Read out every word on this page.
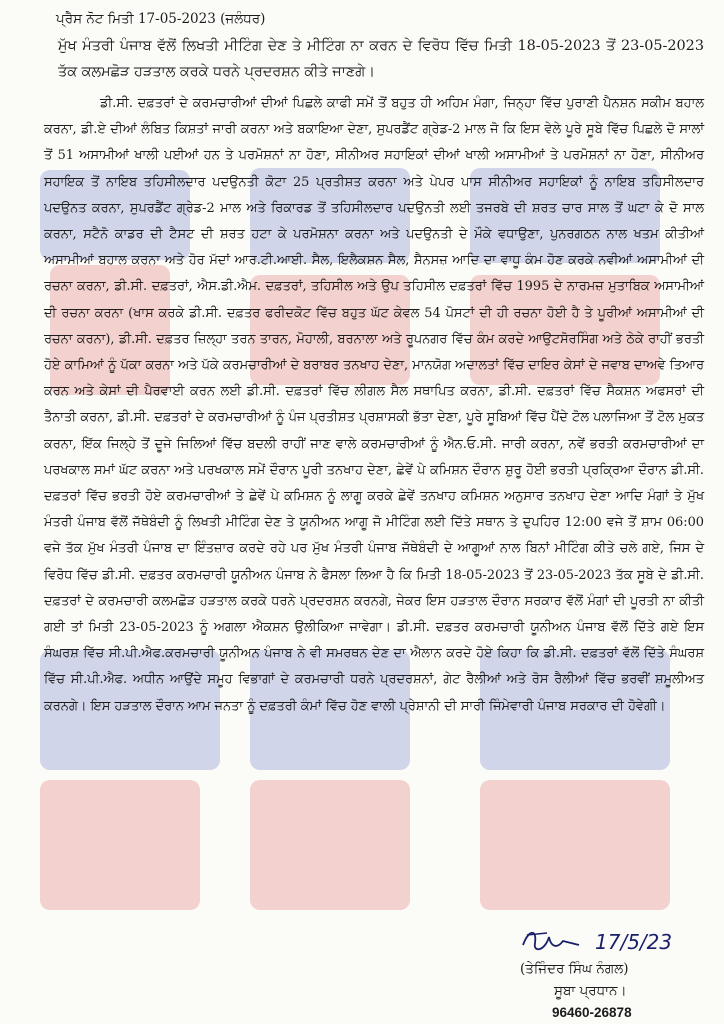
ਪ੍ਰੈਸ ਨੋਟ ਮਿਤੀ 17-05-2023 (ਜਲੰਧਰ)

ਮੁੱਖ ਮੰਤਰੀ ਪੰਜਾਬ ਵੱਲੋਂ ਲਿਖਤੀ ਮੀਟਿੰਗ ਦੇਣ ਤੇ ਮੀਟਿੰਗ ਨਾ ਕਰਨ ਦੇ ਵਿਰੋਧ ਵਿੱਚ ਮਿਤੀ 18-05-2023 ਤੋਂ 23-05-2023 ਤੱਕ ਕਲਮਛੋੜ ਹੜਤਾਲ ਕਰਕੇ ਧਰਨੇ ਪ੍ਰਦਰਸ਼ਨ ਕੀਤੇ ਜਾਣਗੇ।

ਡੀ.ਸੀ. ਦਫ਼ਤਰਾਂ ਦੇ ਕਰਮਚਾਰੀਆਂ ਦੀਆਂ ਪਿਛਲੇ ਕਾਫੀ ਸਮੇਂ ਤੋਂ ਬਹੁਤ ਹੀ ਅਹਿਮ ਮੰਗਾ, ਜਿਨ੍ਹਾ ਵਿੱਚ ਪੁਰਾਣੀ ਪੈਨਸ਼ਨ ਸਕੀਮ ਬਹਾਲ ਕਰਨਾ, ਡੀ.ਏ ਦੀਆਂ ਲੰਬਿਤ ਕਿਸ਼ਤਾਂ ਜਾਰੀ ਕਰਨਾ ਅਤੇ ਬਕਾਇਆ ਦੇਣਾ, ਸੁਪਰਡੈਂਟ ਗ੍ਰੇਡ-2 ਮਾਲ ਜੋ ਕਿ ਇਸ ਵੇਲੇ ਪੂਰੇ ਸੂਬੇ ਵਿੱਚ ਪਿਛਲੇ ਦੋ ਸਾਲਾਂ ਤੋਂ 51 ਅਸਾਮੀਆਂ ਖਾਲੀ ਪਈਆਂ ਹਨ ਤੇ ਪਰਮੋਸ਼ਨਾਂ ਨਾ ਹੋਣਾ, ਸੀਨੀਅਰ ਸਹਾਇਕਾਂ ਦੀਆਂ ਖਾਲੀ ਅਸਾਮੀਆਂ ਤੇ ਪਰਮੋਸ਼ਨਾਂ ਨਾ ਹੋਣਾ, ਸੀਨੀਅਰ ਸਹਾਇਕ ਤੋਂ ਨਾਇਬ ਤਹਿਸੀਲਦਾਰ ਪਦਉਨਤੀ ਕੋਟਾ 25 ਪ੍ਰਤੀਸ਼ਤ ਕਰਨਾ ਅਤੇ ਪੇਪਰ ਪਾਸ ਸੀਨੀਅਰ ਸਹਾਇਕਾਂ ਨੂੰ ਨਾਇਬ ਤਹਿਸੀਲਦਾਰ ਪਦਉਨਤ ਕਰਨਾ, ਸੁਪਰਡੈਂਟ ਗ੍ਰੇਡ-2 ਮਾਲ ਅਤੇ ਰਿਕਾਰਡ ਤੋਂ ਤਹਿਸੀਲਦਾਰ ਪਦਉਨਤੀ ਲਈ ਤਜਰਬੇ ਦੀ ਸ਼ਰਤ ਚਾਰ ਸਾਲ ਤੋਂ ਘਟਾ ਕੇ ਦੋ ਸਾਲ ਕਰਨਾ, ਸਟੈਨੋ ਕਾਡਰ ਦੀ ਟੈਸਟ ਦੀ ਸ਼ਰਤ ਹਟਾ ਕੇ ਪਰਮੋਸ਼ਨਾ ਕਰਨਾ ਅਤੇ ਪਦਉਨਤੀ ਦੇ ਮੌਕੇ ਵਧਾਉਣਾ, ਪੁਨਰਗਠਨ ਨਾਲ ਖਤਮ ਕੀਤੀਆਂ ਅਸਾਮੀਆਂ ਬਹਾਲ ਕਰਨਾ ਅਤੇ ਹੋਰ ਮੱਦਾਂ ਆਰ.ਟੀ.ਆਈ. ਸੈਲ, ਇਲੈਕਸ਼ਨ ਸੈਲ, ਸੈਨਸਜ਼ ਆਦਿ ਦਾ ਵਾਧੂ ਕੰਮ ਹੋਣ ਕਰਕੇ ਨਵੀਆਂ ਅਸਾਮੀਆਂ ਦੀ ਰਚਨਾ ਕਰਨਾ, ਡੀ.ਸੀ. ਦਫ਼ਤਰਾਂ, ਐਸ.ਡੀ.ਐਮ. ਦਫ਼ਤਰਾਂ, ਤਹਿਸੀਲ ਅਤੇ ਉਪ ਤਹਿਸੀਲ ਦਫ਼ਤਰਾਂ ਵਿੱਚ 1995 ਦੇ ਨਾਰਮਜ਼ ਮੁਤਾਬਿਕ ਅਸਾਮੀਆਂ ਦੀ ਰਚਨਾ ਕਰਨਾ (ਖਾਸ ਕਰਕੇ ਡੀ.ਸੀ. ਦਫ਼ਤਰ ਫਰੀਦਕੋਟ ਵਿੱਚ ਬਹੁਤ ਘੱਟ ਕੇਵਲ 54 ਪੋਸਟਾਂ ਦੀ ਹੀ ਰਚਨਾ ਹੋਈ ਹੈ ਤੇ ਪੂਰੀਆਂ ਅਸਾਮੀਆਂ ਦੀ ਰਚਨਾ ਕਰਨਾ), ਡੀ.ਸੀ. ਦਫ਼ਤਰ ਜ਼ਿਲ੍ਹਾ ਤਰਨ ਤਾਰਨ, ਮੋਹਾਲੀ, ਬਰਨਾਲਾ ਅਤੇ ਰੂਪਨਗਰ ਵਿੱਚ ਕੰਮ ਕਰਦੇ ਆਉਟਸੋਰਸਿੰਗ ਅਤੇ ਠੇਕੇ ਰਾਹੀਂ ਭਰਤੀ ਹੋਏ ਕਾਮਿਆਂ ਨੂੰ ਪੱਕਾ ਕਰਨਾ ਅਤੇ ਪੱਕੇ ਕਰਮਚਾਰੀਆਂ ਦੇ ਬਰਾਬਰ ਤਨਖਾਹ ਦੇਣਾ, ਮਾਨਯੋਗ ਅਦਾਲਤਾਂ ਵਿੱਚ ਦਾਇਰ ਕੇਸਾਂ ਦੇ ਜਵਾਬ ਦਾਅਵੇ ਤਿਆਰ ਕਰਨ ਅਤੇ ਕੇਸਾਂ ਦੀ ਪੈਰਵਾਈ ਕਰਨ ਲਈ ਡੀ.ਸੀ. ਦਫ਼ਤਰਾਂ ਵਿੱਚ ਲੀਗਲ ਸੈਲ ਸਥਾਪਿਤ ਕਰਨਾ, ਡੀ.ਸੀ. ਦਫ਼ਤਰਾਂ ਵਿੱਚ ਸੈਕਸ਼ਨ ਅਫਸਰਾਂ ਦੀ ਤੈਨਾਤੀ ਕਰਨਾ, ਡੀ.ਸੀ. ਦਫ਼ਤਰਾਂ ਦੇ ਕਰਮਚਾਰੀਆਂ ਨੂੰ ਪੰਜ ਪ੍ਰਤੀਸ਼ਤ ਪ੍ਰਸ਼ਾਸਕੀ ਭੱਤਾ ਦੇਣਾ, ਪੂਰੇ ਸੂਬਿਆਂ ਵਿੱਚ ਪੈਂਦੇ ਟੋਲ ਪਲਾਜਿਆ ਤੋਂ ਟੋਲ ਮੁਕਤ ਕਰਨਾ, ਇੱਕ ਜਿਲ੍ਹੇ ਤੋਂ ਦੂਜੇ ਜਿਲਿਆਂ ਵਿੱਚ ਬਦਲੀ ਰਾਹੀਂ ਜਾਣ ਵਾਲੇ ਕਰਮਚਾਰੀਆਂ ਨੂੰ ਐਨ.ਓ.ਸੀ. ਜਾਰੀ ਕਰਨਾ, ਨਵੇਂ ਭਰਤੀ ਕਰਮਚਾਰੀਆਂ ਦਾ ਪਰਖਕਾਲ ਸਮਾਂ ਘੱਟ ਕਰਨਾ ਅਤੇ ਪਰਖਕਾਲ ਸਮੇਂ ਦੌਰਾਨ ਪੂਰੀ ਤਨਖਾਹ ਦੇਣਾ, ਛੇਵੇਂ ਪੇ ਕਮਿਸ਼ਨ ਦੌਰਾਨ ਸ਼ੁਰੂ ਹੋਈ ਭਰਤੀ ਪ੍ਰਕ੍ਰਿਆ ਦੌਰਾਨ ਡੀ.ਸੀ. ਦਫ਼ਤਰਾਂ ਵਿੱਚ ਭਰਤੀ ਹੋਏ ਕਰਮਚਾਰੀਆਂ ਤੇ ਛੇਵੇਂ ਪੇ ਕਮਿਸ਼ਨ ਨੂੰ ਲਾਗੂ ਕਰਕੇ ਛੇਵੇਂ ਤਨਖਾਹ ਕਮਿਸ਼ਨ ਅਨੁਸਾਰ ਤਨਖਾਹ ਦੇਣਾ ਆਦਿ ਮੰਗਾਂ ਤੇ ਮੁੱਖ ਮੰਤਰੀ ਪੰਜਾਬ ਵੱਲੋਂ ਜੱਥੇਬੰਦੀ ਨੂੰ ਲਿਖਤੀ ਮੀਟਿੰਗ ਦੇਣ ਤੇ ਯੂਨੀਅਨ ਆਗੂ ਜੋ ਮੀਟਿੰਗ ਲਈ ਦਿੱਤੇ ਸਥਾਨ ਤੇ ਦੁਪਹਿਰ 12:00 ਵਜੇ ਤੋਂ ਸ਼ਾਮ 06:00 ਵਜੇ ਤੱਕ ਮੁੱਖ ਮੰਤਰੀ ਪੰਜਾਬ ਦਾ ਇੰਤਜ਼ਾਰ ਕਰਦੇ ਰਹੇ ਪਰ ਮੁੱਖ ਮੰਤਰੀ ਪੰਜਾਬ ਜੱਥੇਬੰਦੀ ਦੇ ਆਗੂਆਂ ਨਾਲ ਬਿਨਾਂ ਮੀਟਿੰਗ ਕੀਤੇ ਚਲੇ ਗਏ, ਜਿਸ ਦੇ ਵਿਰੋਧ ਵਿੱਚ ਡੀ.ਸੀ. ਦਫ਼ਤਰ ਕਰਮਚਾਰੀ ਯੂਨੀਅਨ ਪੰਜਾਬ ਨੇ ਫੈਸਲਾ ਲਿਆ ਹੈ ਕਿ ਮਿਤੀ 18-05-2023 ਤੋਂ 23-05-2023 ਤੱਕ ਸੂਬੇ ਦੇ ਡੀ.ਸੀ. ਦਫ਼ਤਰਾਂ ਦੇ ਕਰਮਚਾਰੀ ਕਲਮਛੋੜ ਹੜਤਾਲ ਕਰਕੇ ਧਰਨੇ ਪ੍ਰਦਰਸ਼ਨ ਕਰਨਗੇ, ਜੇਕਰ ਇਸ ਹੜਤਾਲ ਦੌਰਾਨ ਸਰਕਾਰ ਵੱਲੋਂ ਮੰਗਾਂ ਦੀ ਪੂਰਤੀ ਨਾ ਕੀਤੀ ਗਈ ਤਾਂ ਮਿਤੀ 23-05-2023 ਨੂੰ ਅਗਲਾ ਐਕਸ਼ਨ ਉਲੀਕਿਆ ਜਾਵੇਗਾ। ਡੀ.ਸੀ. ਦਫ਼ਤਰ ਕਰਮਚਾਰੀ ਯੂਨੀਅਨ ਪੰਜਾਬ ਵੱਲੋਂ ਦਿੱਤੇ ਗਏ ਇਸ ਸੰਘਰਸ਼ ਵਿੱਚ ਸੀ.ਪੀ.ਐਫ.ਕਰਮਚਾਰੀ ਯੂਨੀਅਨ ਪੰਜਾਬ ਨੇ ਵੀ ਸਮਰਥਨ ਦੇਣ ਦਾ ਐਲਾਨ ਕਰਦੇ ਹੋਏ ਕਿਹਾ ਕਿ ਡੀ.ਸੀ. ਦਫ਼ਤਰਾਂ ਵੱਲੋਂ ਦਿੱਤੇ ਸੰਘਰਸ਼ ਵਿੱਚ ਸੀ.ਪੀ.ਐਫ. ਅਧੀਨ ਆਉਂਦੇ ਸਮੂਹ ਵਿਭਾਗਾਂ ਦੇ ਕਰਮਚਾਰੀ ਧਰਨੇ ਪ੍ਰਦਰਸ਼ਨਾਂ, ਗੇਟ ਰੈਲੀਆਂ ਅਤੇ ਰੋਸ ਰੈਲੀਆਂ ਵਿੱਚ ਭਰਵੀਂ ਸ਼ਮੂਲੀਅਤ ਕਰਨਗੇ। ਇਸ ਹੜਤਾਲ ਦੌਰਾਨ ਆਮ ਜਨਤਾ ਨੂੰ ਦਫ਼ਤਰੀ ਕੰਮਾਂ ਵਿੱਚ ਹੋਣ ਵਾਲੀ ਪ੍ਰੇਸ਼ਾਨੀ ਦੀ ਸਾਰੀ ਜਿੰਮੇਵਾਰੀ ਪੰਜਾਬ ਸਰਕਾਰ ਦੀ ਹੋਵੇਗੀ।

17/5/23
(ਤੇਜਿੰਦਰ ਸਿੰਘ ਨੰਗਲ)
ਸੂਬਾ ਪ੍ਰਧਾਨ।
96460-26878
